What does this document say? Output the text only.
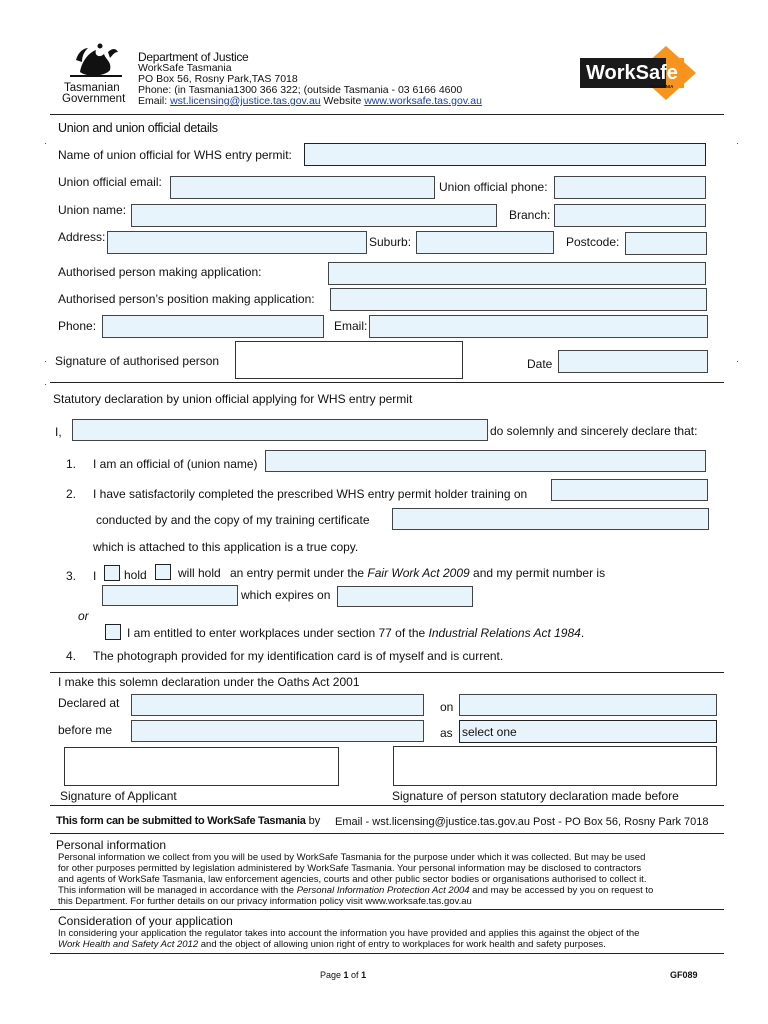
Tasmanian
Government
Department of Justice
WorkSafe Tasmania
PO Box 56, Rosny Park,TAS 7018
Phone: (in Tasmania1300 366 322; (outside Tasmania - 03 6166 4600
Email: wst.licensing@justice.tas.gov.au Website www.worksafe.tas.gov.au
WorkSafe
TASMANIA
Union and union official details
·	·
Name of union official for WHS entry permit:
Union official email:	Union official phone:
Union name:	Branch:
Address:	Suburb:	Postcode:
Authorised person making application:
Authorised person’s position making application:
Phone:	Email:
· Signature of authorised person	Date	·
·
Statutory declaration by union official applying for WHS entry permit
I,	do solemnly and sincerely declare that:
1. I am an official of (union name)
2. I have satisfactorily completed the prescribed WHS entry permit holder training on
conducted by and the copy of my training certificate
which is attached to this application is a true copy.
3. I hold	will hold an entry permit under the Fair Work Act 2009 and my permit number is
which expires on
or
I am entitled to enter workplaces under section 77 of the Industrial Relations Act 1984.
4. The photograph provided for my identification card is of myself and is current.
I make this solemn declaration under the Oaths Act 2001
Declared at	on
before me	as select one
Signature of Applicant	Signature of person statutory declaration made before
This form can be submitted to WorkSafe Tasmania by Email - wst.licensing@justice.tas.gov.au Post - PO Box 56, Rosny Park 7018
Personal information
Personal information we collect from you will be used by WorkSafe Tasmania for the purpose under which it was collected. But may be used
for other purposes permitted by legislation administered by WorkSafe Tasmania. Your personal information may be disclosed to contractors
and agents of WorkSafe Tasmania, law enforcement agencies, courts and other public sector bodies or organisations authorised to collect it.
This information will be managed in accordance with the Personal Information Protection Act 2004 and may be accessed by you on request to
this Department. For further details on our privacy information policy visit www.worksafe.tas.gov.au
Consideration of your application
In considering your application the regulator takes into account the information you have provided and applies this against the object of the
Work Health and Safety Act 2012 and the object of allowing union right of entry to workplaces for work health and safety purposes.
Page 1 of 1	GF089
